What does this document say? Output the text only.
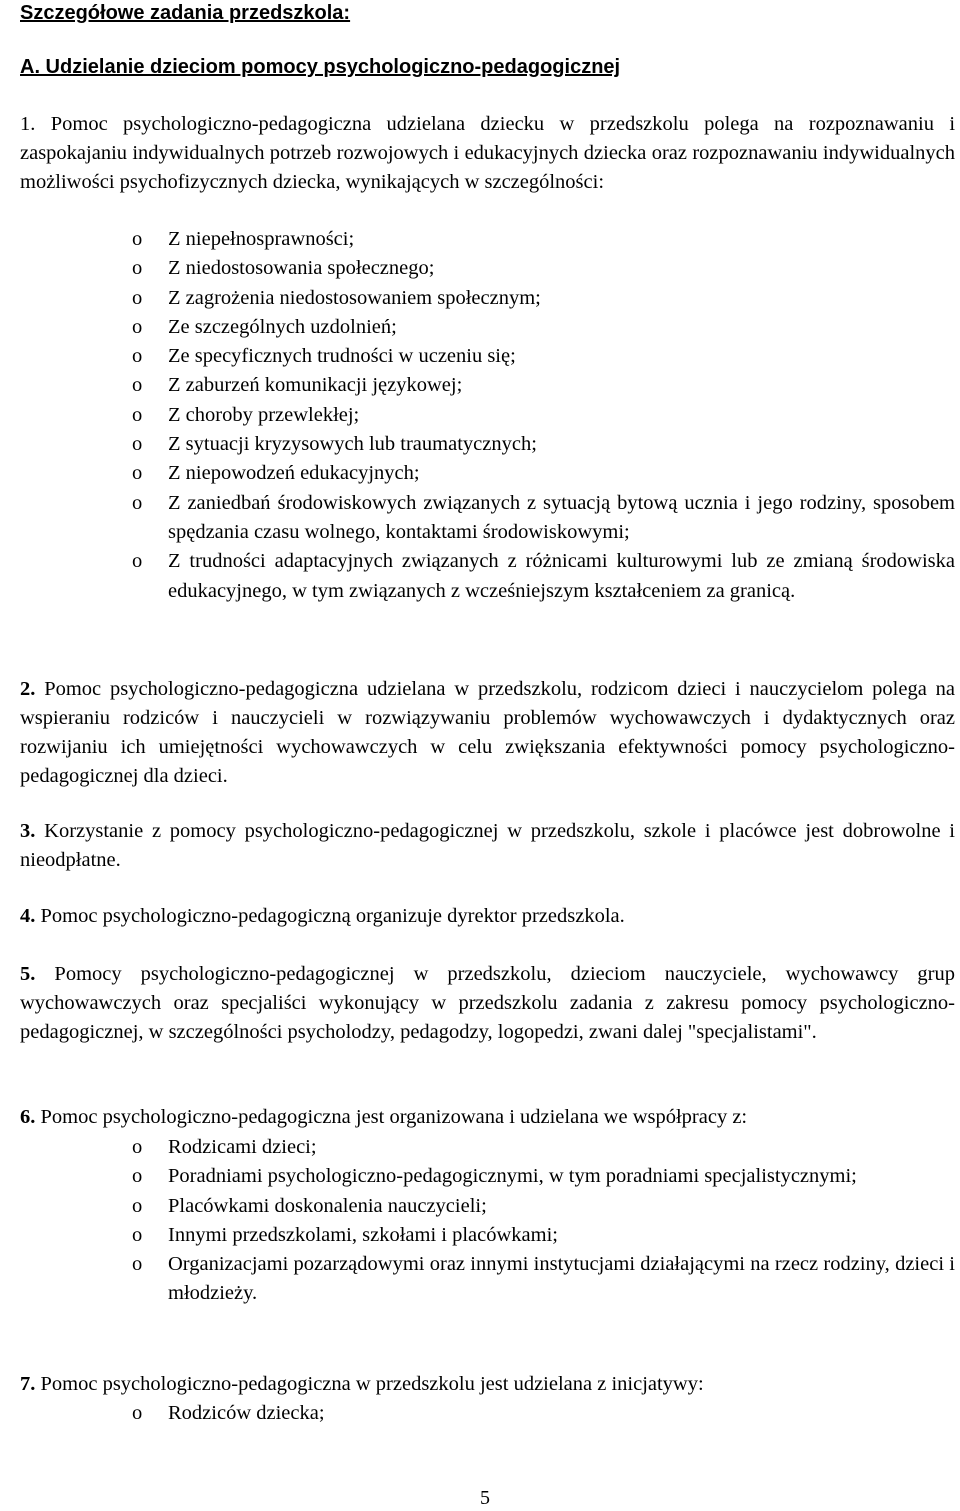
Szczegółowe zadania przedszkola:
A. Udzielanie dzieciom pomocy psychologiczno-pedagogicznej
1. Pomoc psychologiczno-pedagogiczna udzielana dziecku w przedszkolu polega na rozpoznawaniu i zaspokajaniu indywidualnych potrzeb rozwojowych i edukacyjnych dziecka oraz rozpoznawaniu indywidualnych możliwości psychofizycznych dziecka, wynikających w szczególności:
o Z niepełnosprawności;
o Z niedostosowania społecznego;
o Z zagrożenia niedostosowaniem społecznym;
o Ze szczególnych uzdolnień;
o Ze specyficznych trudności w uczeniu się;
o Z zaburzeń komunikacji językowej;
o Z choroby przewlekłej;
o Z sytuacji kryzysowych lub traumatycznych;
o Z niepowodzeń edukacyjnych;
o Z zaniedbań środowiskowych związanych z sytuacją bytową ucznia i jego rodziny, sposobem spędzania czasu wolnego, kontaktami środowiskowymi;
o Z trudności adaptacyjnych związanych z różnicami kulturowymi lub ze zmianą środowiska edukacyjnego, w tym związanych z wcześniejszym kształceniem za granicą.
2. Pomoc psychologiczno-pedagogiczna udzielana w przedszkolu, rodzicom dzieci i nauczycielom polega na wspieraniu rodziców i nauczycieli w rozwiązywaniu problemów wychowawczych i dydaktycznych oraz rozwijaniu ich umiejętności wychowawczych w celu zwiększania efektywności pomocy psychologiczno-pedagogicznej dla dzieci.
3. Korzystanie z pomocy psychologiczno-pedagogicznej w przedszkolu, szkole i placówce jest dobrowolne i nieodpłatne.
4. Pomoc psychologiczno-pedagogiczną organizuje dyrektor przedszkola.
5. Pomocy psychologiczno-pedagogicznej w przedszkolu, dzieciom nauczyciele, wychowawcy grup wychowawczych oraz specjaliści wykonujący w przedszkolu zadania z zakresu pomocy psychologiczno-pedagogicznej, w szczególności psycholodzy, pedagodzy, logopedzi, zwani dalej "specjalistami".
6. Pomoc psychologiczno-pedagogiczna jest organizowana i udzielana we współpracy z:
o Rodzicami dzieci;
o Poradniami psychologiczno-pedagogicznymi, w tym poradniami specjalistycznymi;
o Placówkami doskonalenia nauczycieli;
o Innymi przedszkolami, szkołami i placówkami;
o Organizacjami pozarządowymi oraz innymi instytucjami działającymi na rzecz rodziny, dzieci i młodzieży.
7. Pomoc psychologiczno-pedagogiczna w przedszkolu jest udzielana z inicjatywy:
o Rodziców dziecka;
5
